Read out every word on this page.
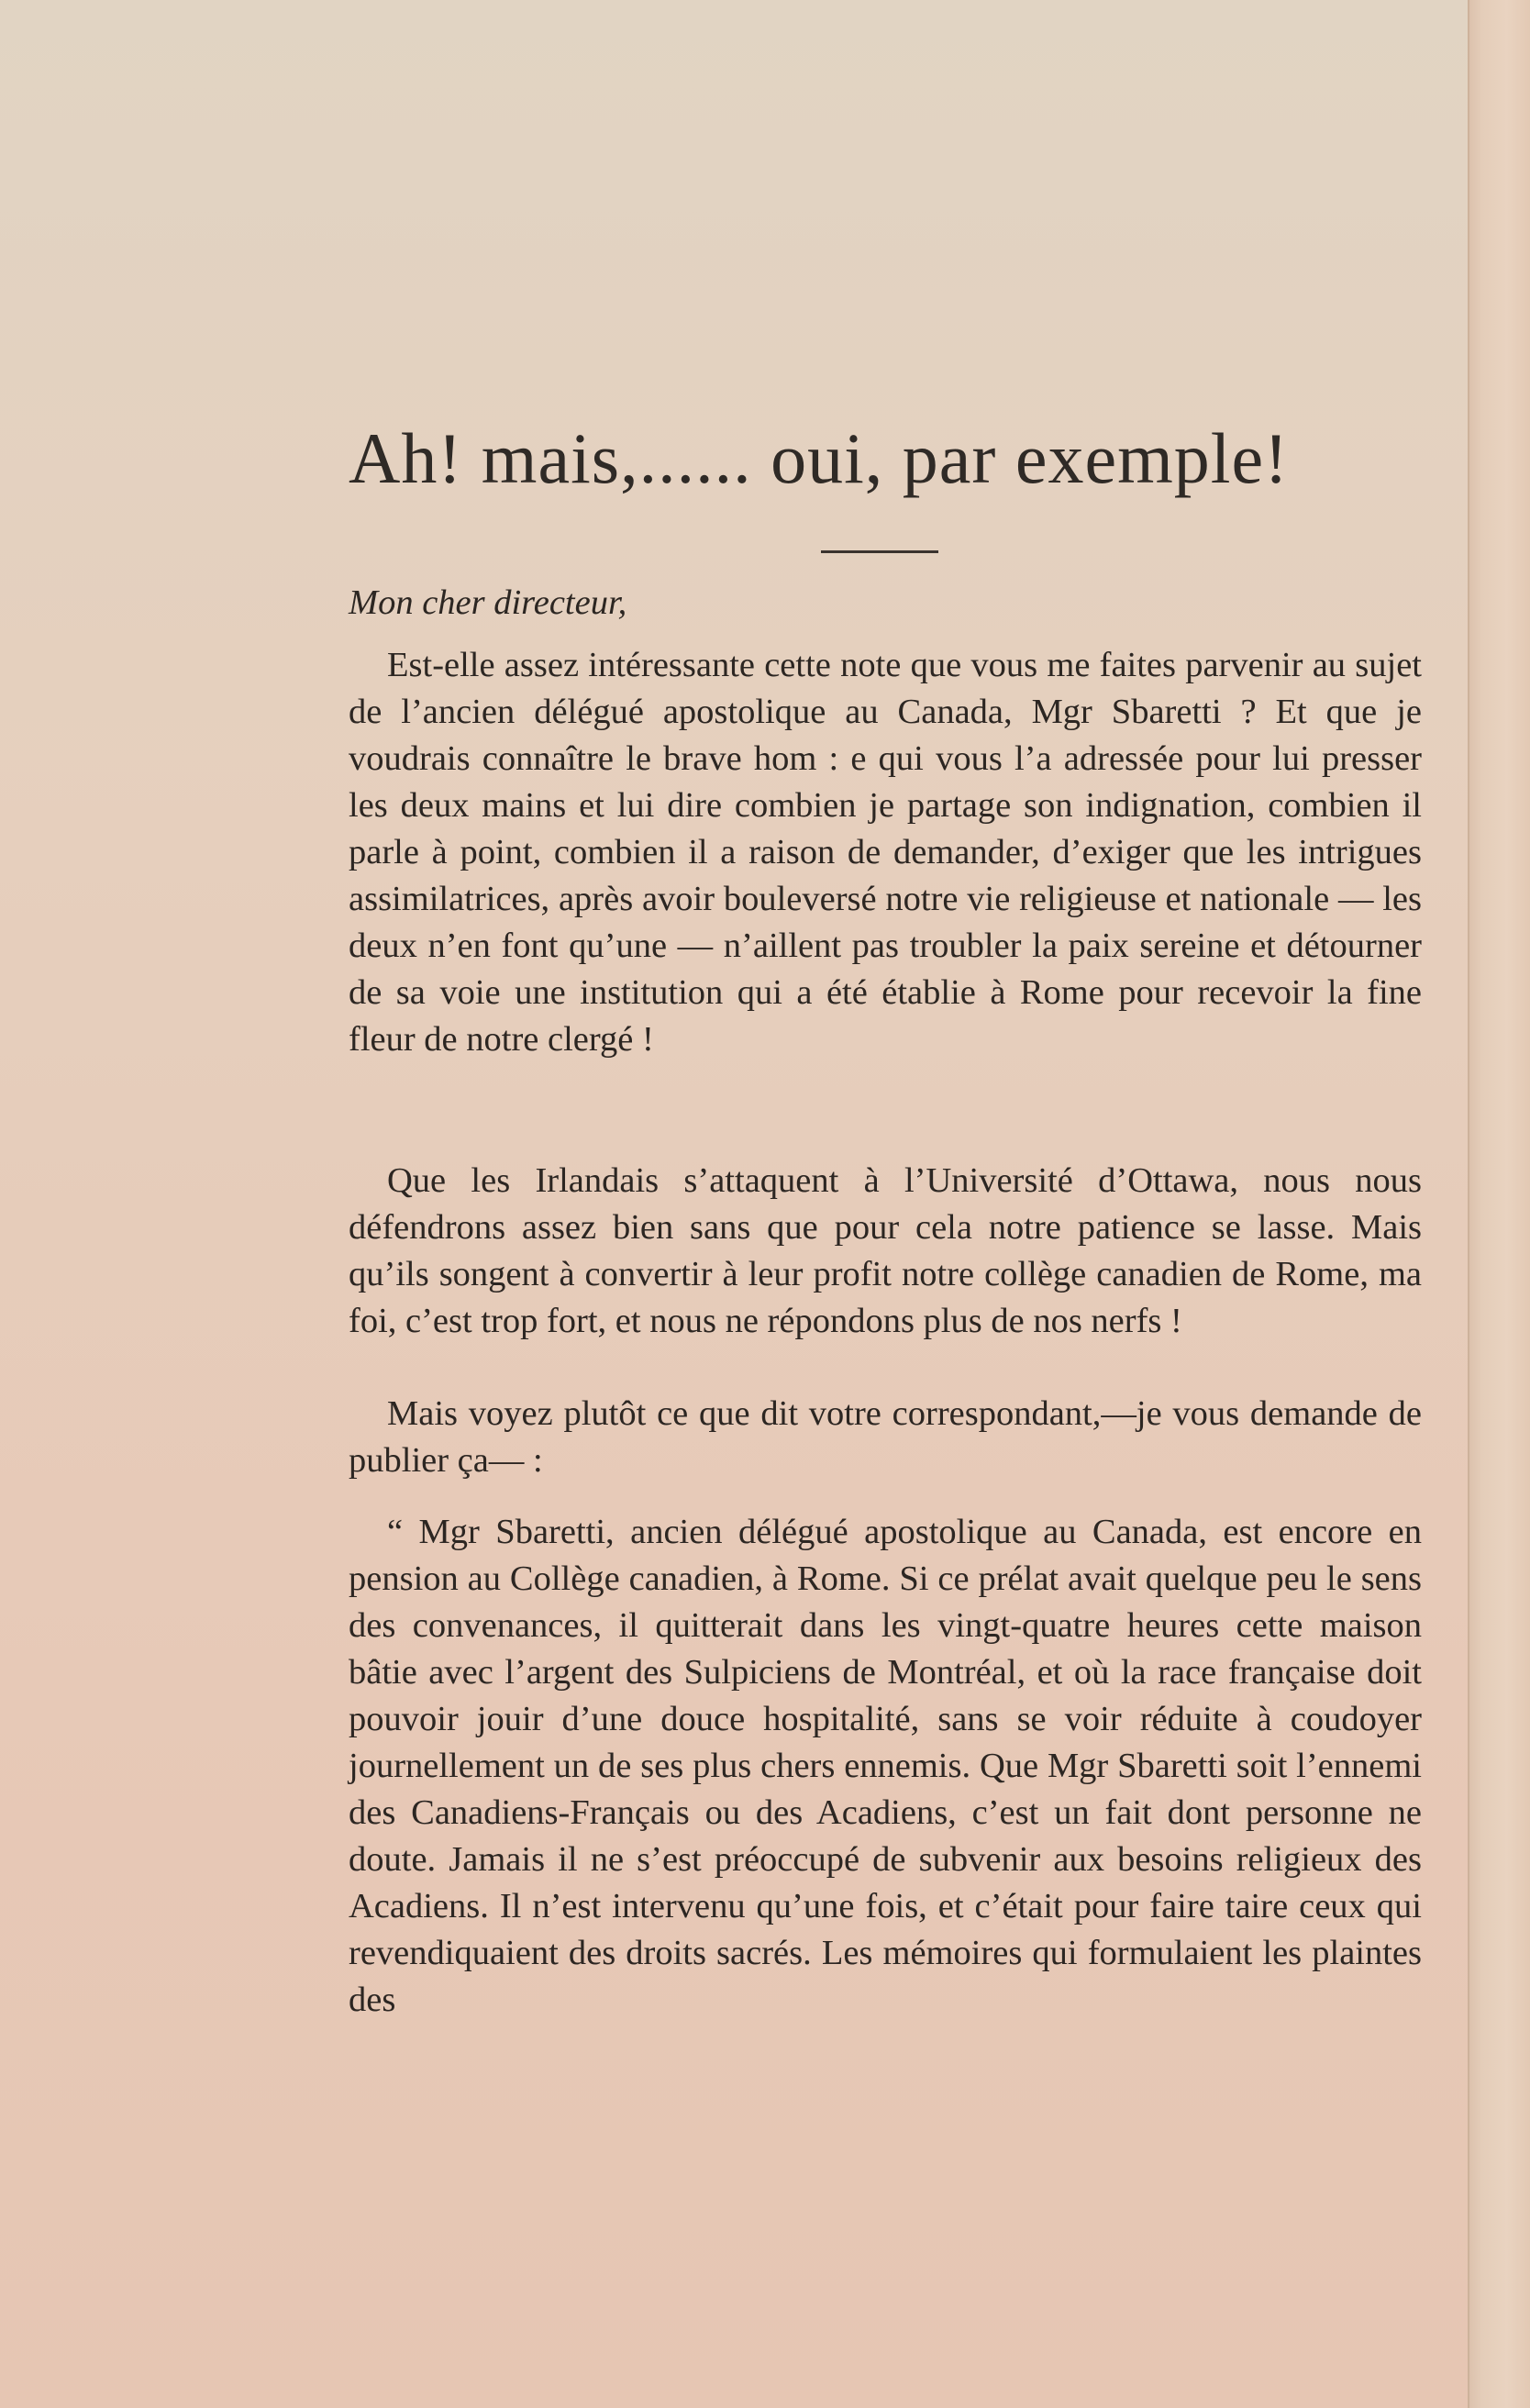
Ah! mais,...... oui, par exemple!
Mon cher directeur,

Est-elle assez intéressante cette note que vous me faites parvenir au sujet de l’ancien délégué apostolique au Canada, Mgr Sbaretti ? Et que je voudrais connaître le brave hom : e qui vous l’a adressée pour lui presser les deux mains et lui dire combien je partage son indignation, combien il parle à point, combien il a raison de demander, d’exiger que les intrigues assimilatrices, après avoir bouleversé notre vie religieuse et nationale — les deux n’en font qu’une — n’aillent pas troubler la paix sereine et détourner de sa voie une institution qui a été établie à Rome pour recevoir la fine fleur de notre clergé !

Que les Irlandais s’attaquent à l’Université d’Ottawa, nous nous défendrons assez bien sans que pour cela notre patience se lasse. Mais qu’ils songent à convertir à leur profit notre collège canadien de Rome, ma foi, c’est trop fort, et nous ne répondons plus de nos nerfs !

Mais voyez plutôt ce que dit votre correspondant,—je vous demande de publier ça— :

“ Mgr Sbaretti, ancien délégué apostolique au Canada, est encore en pension au Collège canadien, à Rome. Si ce prélat avait quelque peu le sens des convenances, il quitterait dans les vingt-quatre heures cette maison bâtie avec l’argent des Sulpiciens de Montréal, et où la race française doit pouvoir jouir d’une douce hospitalité, sans se voir réduite à coudoyer journellement un de ses plus chers ennemis. Que Mgr Sbaretti soit l’ennemi des Canadiens-Français ou des Acadiens, c’est un fait dont personne ne doute. Jamais il ne s’est préoccupé de subvenir aux besoins religieux des Acadiens. Il n’est intervenu qu’une fois, et c’était pour faire taire ceux qui revendiquaient des droits sacrés. Les mémoires qui formulaient les plaintes des
